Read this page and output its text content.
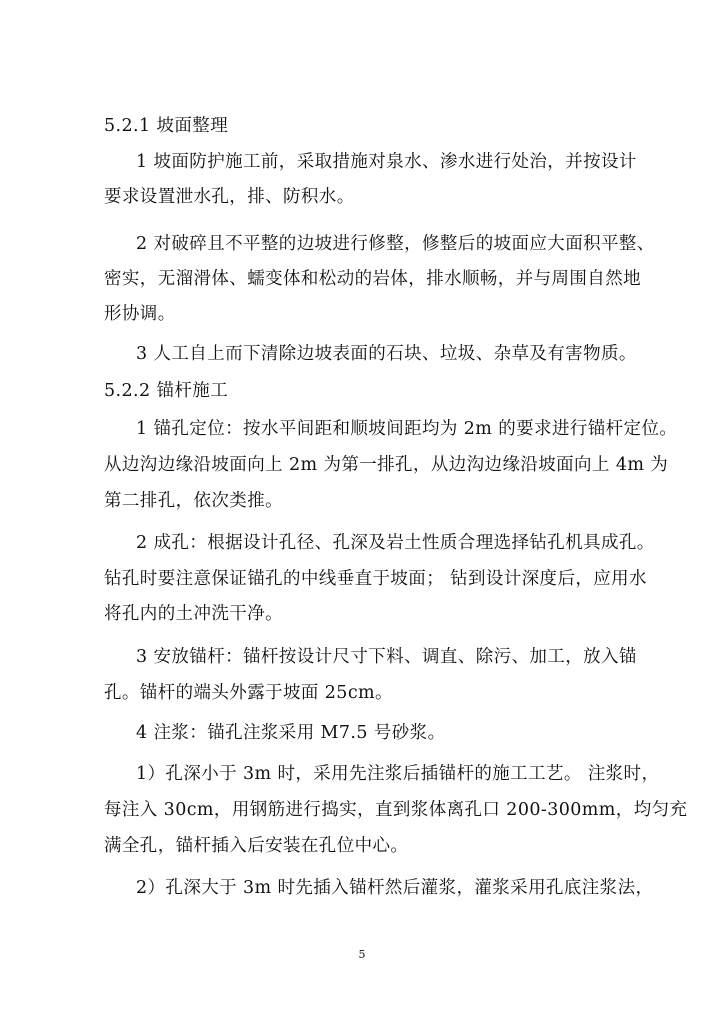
5.2.1 坡面整理
1 坡面防护施工前，采取措施对泉水、渗水进行处治，并按设计
要求设置泄水孔，排、防积水。
2 对破碎且不平整的边坡进行修整，修整后的坡面应大面积平整、
密实，无溜滑体、蠕变体和松动的岩体，排水顺畅，并与周围自然地
形协调。
3 人工自上而下清除边坡表面的石块、垃圾、杂草及有害物质。
5.2.2 锚杆施工
1 锚孔定位：按水平间距和顺坡间距均为 2m 的要求进行锚杆定位。
从边沟边缘沿坡面向上 2m 为第一排孔，从边沟边缘沿坡面向上 4m 为
第二排孔，依次类推。
2 成孔：根据设计孔径、孔深及岩土性质合理选择钻孔机具成孔。
钻孔时要注意保证锚孔的中线垂直于坡面； 钻到设计深度后，应用水
将孔内的土冲洗干净。
3 安放锚杆：锚杆按设计尺寸下料、调直、除污、加工，放入锚
孔。锚杆的端头外露于坡面 25cm。
4 注浆：锚孔注浆采用 M7.5 号砂浆。
1）孔深小于 3m 时，采用先注浆后插锚杆的施工工艺。 注浆时，
每注入 30cm，用钢筋进行捣实，直到浆体离孔口 200-300mm，均匀充
满全孔，锚杆插入后安装在孔位中心。
2）孔深大于 3m 时先插入锚杆然后灌浆，灌浆采用孔底注浆法，
5
